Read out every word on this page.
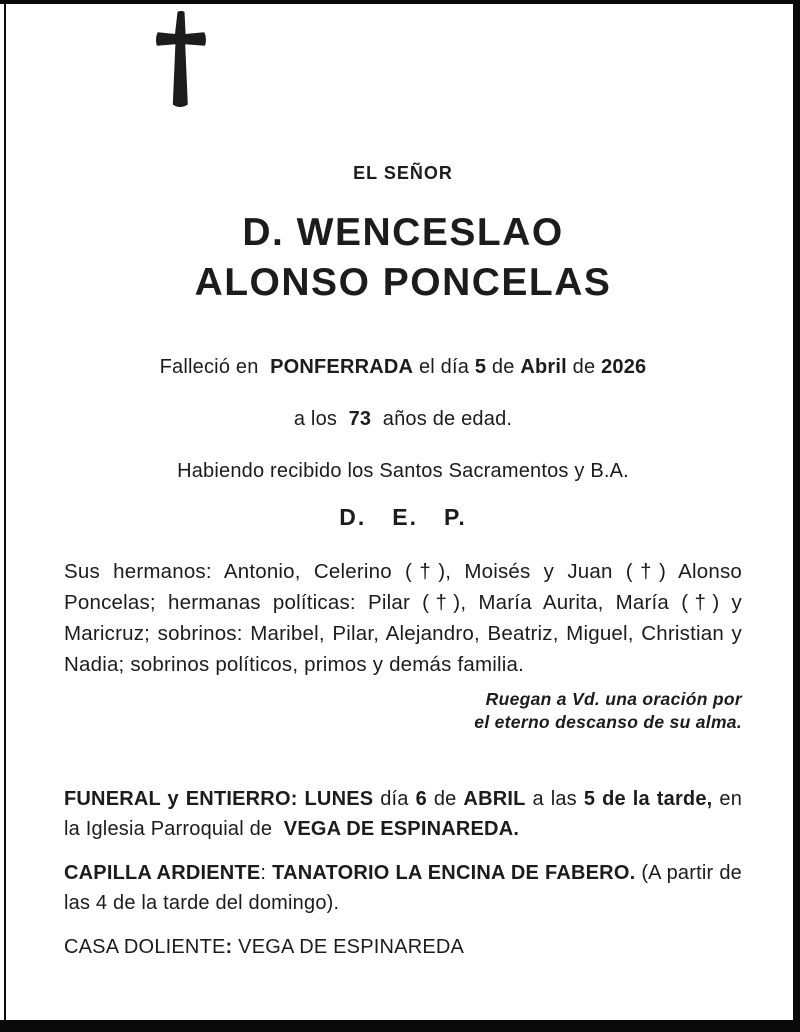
EL SEÑOR
D. WENCESLAO
ALONSO PONCELAS
Falleció en  PONFERRADA el día 5 de Abril de 2026
a los  73  años de edad.
Habiendo recibido los Santos Sacramentos y B.A.
D. E. P.
Sus hermanos: Antonio, Celerino (†), Moisés y Juan (†) Alonso Poncelas; hermanas políticas: Pilar (†), María Aurita, María (†) y Maricruz; sobrinos: Maribel, Pilar, Alejandro, Beatriz, Miguel, Christian y Nadia; sobrinos políticos, primos y demás familia.
Ruegan a Vd. una oración por
el eterno descanso de su alma.
FUNERAL y ENTIERRO: LUNES día 6 de ABRIL a las 5 de la tarde, en la Iglesia Parroquial de  VEGA DE ESPINAREDA.
CAPILLA ARDIENTE: TANATORIO LA ENCINA DE FABERO. (A partir de las 4 de la tarde del domingo).
CASA DOLIENTE: VEGA DE ESPINAREDA
